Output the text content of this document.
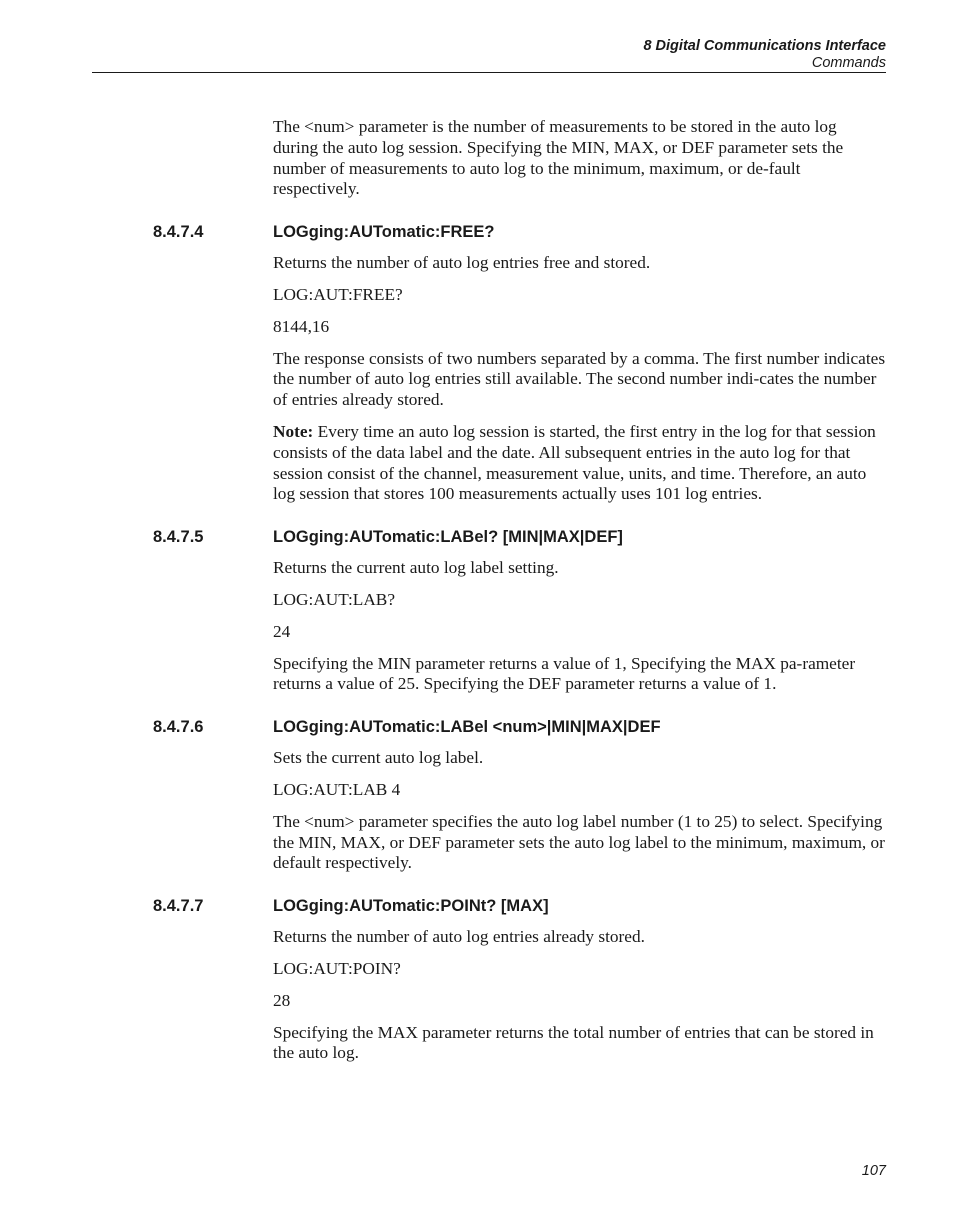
8 Digital Communications Interface
Commands

The <num> parameter is the number of measurements to be stored in the auto log during the auto log session. Specifying the MIN, MAX, or DEF parameter sets the number of measurements to auto log to the minimum, maximum, or de-fault respectively.

8.4.7.4	LOGging:AUTomatic:FREE?

Returns the number of auto log entries free and stored.

LOG:AUT:FREE?

8144,16

The response consists of two numbers separated by a comma. The first number indicates the number of auto log entries still available. The second number indi-cates the number of entries already stored.

Note: Every time an auto log session is started, the first entry in the log for that session consists of the data label and the date. All subsequent entries in the auto log for that session consist of the channel, measurement value, units, and time. Therefore, an auto log session that stores 100 measurements actually uses 101 log entries.

8.4.7.5	LOGging:AUTomatic:LABel? [MIN|MAX|DEF]

Returns the current auto log label setting.

LOG:AUT:LAB?

24

Specifying the MIN parameter returns a value of 1, Specifying the MAX pa-rameter returns a value of 25. Specifying the DEF parameter returns a value of 1.

8.4.7.6	LOGging:AUTomatic:LABel <num>|MIN|MAX|DEF

Sets the current auto log label.

LOG:AUT:LAB 4

The <num> parameter specifies the auto log label number (1 to 25) to select. Specifying the MIN, MAX, or DEF parameter sets the auto log label to the minimum, maximum, or default respectively.

8.4.7.7	LOGging:AUTomatic:POINt? [MAX]

Returns the number of auto log entries already stored.

LOG:AUT:POIN?

28

Specifying the MAX parameter returns the total number of entries that can be stored in the auto log.

107
